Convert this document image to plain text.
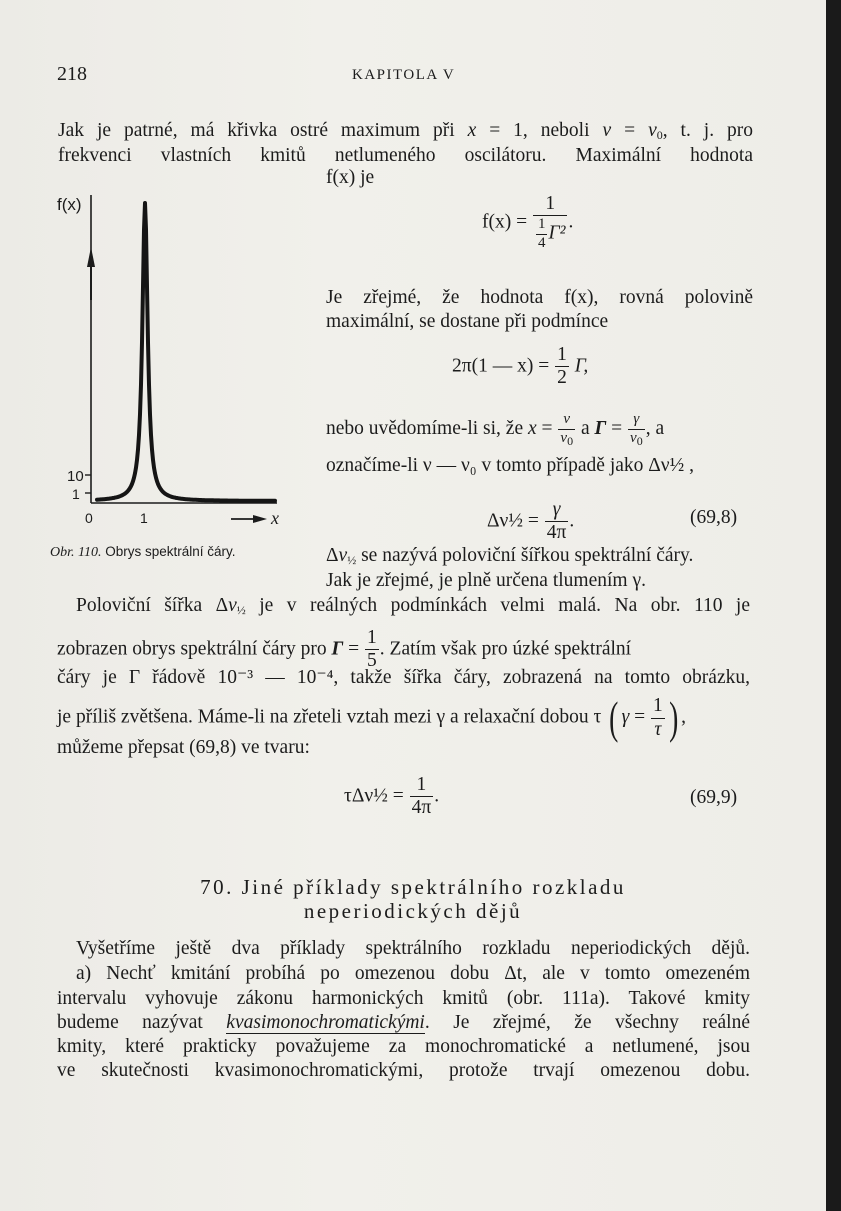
218	KAPITOLA V
Jak je patrné, má křivka ostré maximum při x = 1, neboli $\nu = \nu_0$, t. j. pro
frekvenci vlastních kmitů netlumeného oscilátoru. Maximální hodnota
f(x) je
$f(x) = \frac{1}{\frac{1}{4} \Gamma^2}$ .
Je zřejmé, že hodnota f(x), rovná polovině
maximální, se dostane při podmínce
2π(1 — $x) = \frac{1}{2} \Gamma$,
nebo uvědomíme-li si, že $x = \frac{\nu}{\nu_0}$ a $\Gamma = \frac{\gamma}{\nu_0}$ , a
označíme-li ν — ν₀ v tomto případě jako Δν½ ,
Δν½ = $\frac{\gamma}{4\pi}$ .	(69,8)
f(x)
10
1
0	1	x
Obr. 110. Obrys spektrální čáry.	$\Delta\nu_{\frac{1}{2}}$ se nazývá poloviční šířkou spektrální čáry.
Jak je zřejmé, je plně určena tlumením γ.
Poloviční šířka $\Delta\nu_{\frac{1}{2}}$ je v reálných podmínkách velmi malá. Na obr. 110 je
zobrazen obrys spektrální čáry pro $\Gamma = \frac{1}{5}$ . Zatím však pro úzké spektrální
čáry je Γ řádově 10⁻³ — 10⁻⁴, takže šířka čáry, zobrazená na tomto obrázku,
je příliš zvětšena. Máme-li na zřeteli vztah mezi γ a relaxační dobou τ ( $\gamma = \frac{1}{\tau}$ ) ,
můžeme přepsat (69,8) ve tvaru:
τΔν½ = $\frac{1}{4\pi}$ .	(69,9)
70. Jiné příklady spektrálního rozkladu
neperiodických dějů
Vyšetříme ještě dva příklady spektrálního rozkladu neperiodických dějů.
a) Nechť kmitání probíhá po omezenou dobu Δt, ale v tomto omezeném
intervalu vyhovuje zákonu harmonických kmitů (obr. 111a). Takové kmity
budeme nazývat kvasimonochromatickými. Je zřejmé, že všechny reálné
kmity, které prakticky považujeme za monochromatické a netlumené, jsou
ve skutečnosti kvasimonochromatickými, protože trvají omezenou dobu.
